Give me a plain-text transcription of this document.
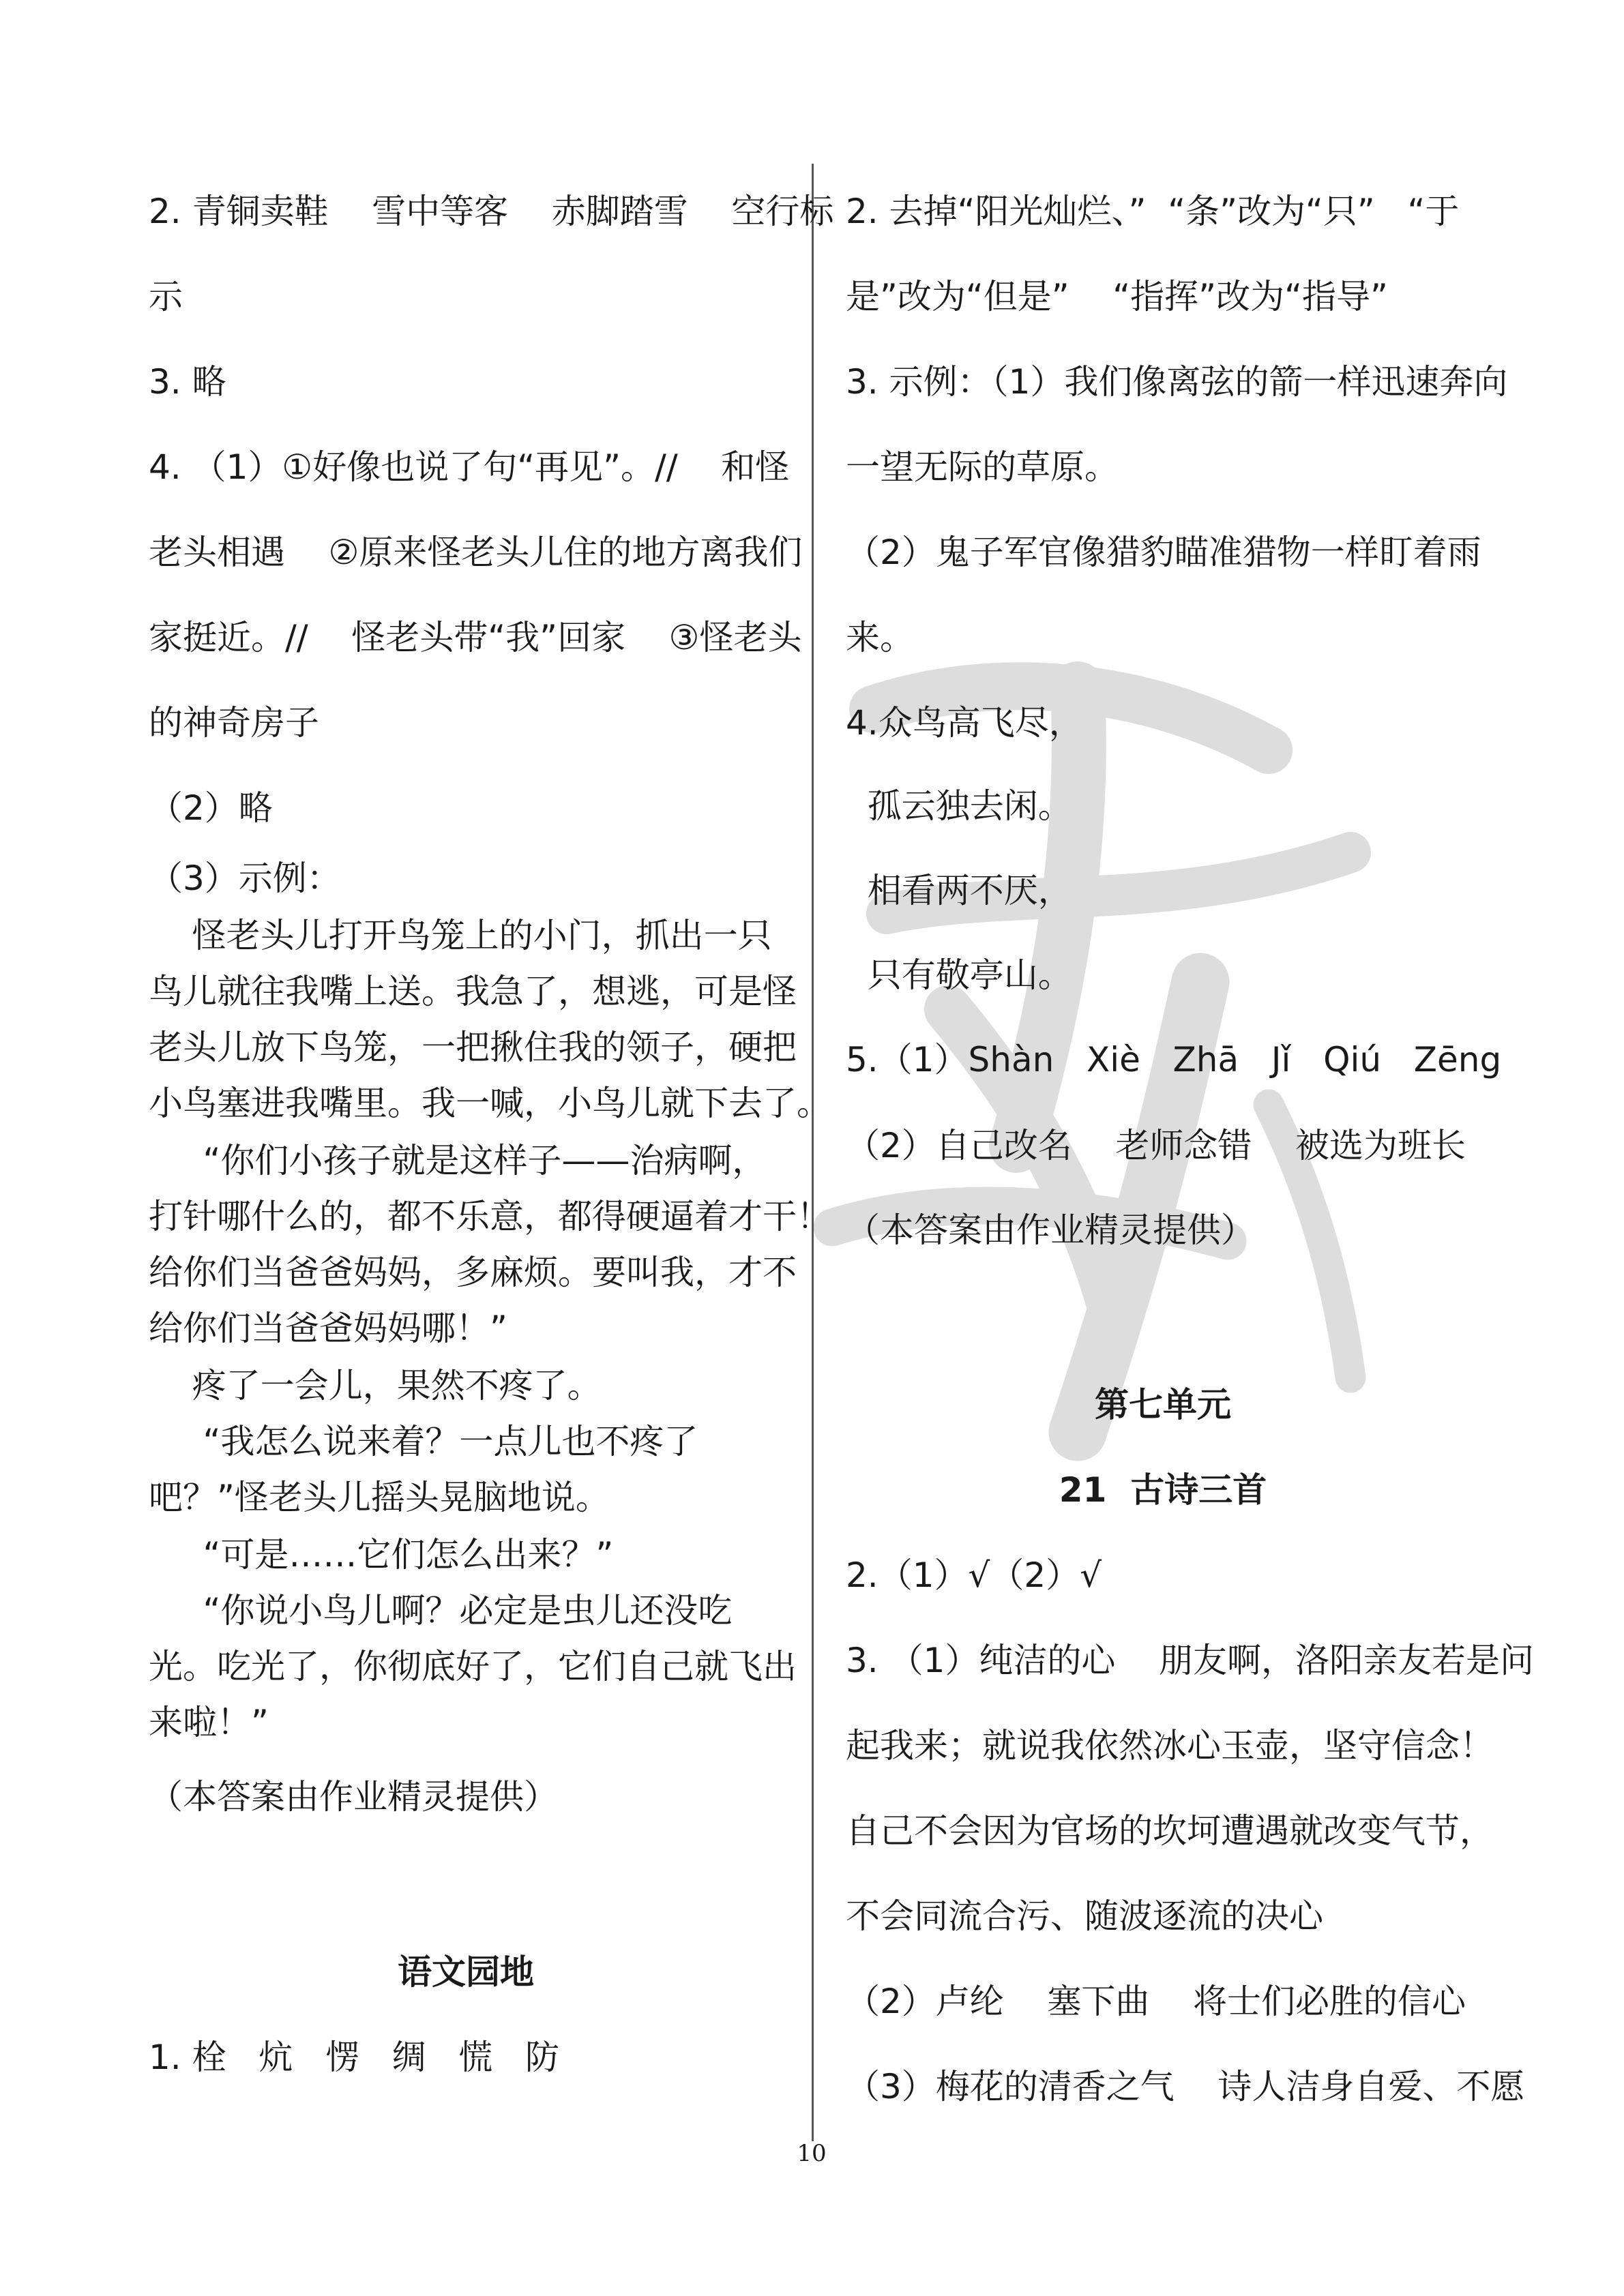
2. 青铜卖鞋    雪中等客    赤脚踏雪    空行标
示
3. 略
4. （1）①好像也说了句“再见”。//    和怪
老头相遇    ②原来怪老头儿住的地方离我们
家挺近。//    怪老头带“我”回家    ③怪老头
的神奇房子
（2）略
（3）示例：
怪老头儿打开鸟笼上的小门，抓出一只
鸟儿就往我嘴上送。我急了，想逃，可是怪
老头儿放下鸟笼，一把揪住我的领子，硬把
小鸟塞进我嘴里。我一喊，小鸟儿就下去了。
“你们小孩子就是这样子——治病啊，
打针哪什么的，都不乐意，都得硬逼着才干！
给你们当爸爸妈妈，多麻烦。要叫我，才不
给你们当爸爸妈妈哪！”
疼了一会儿，果然不疼了。
“我怎么说来着？一点儿也不疼了
吧？”怪老头儿摇头晃脑地说。
“可是……它们怎么出来？”
“你说小鸟儿啊？必定是虫儿还没吃
光。吃光了，你彻底好了，它们自己就飞出
来啦！”
（本答案由作业精灵提供）
语文园地
1. 栓   炕   愣   绸   慌   防
2. 去掉“阳光灿烂、”  “条”改为“只”   “于
是”改为“但是”    “指挥”改为“指导”
3. 示例：（1）我们像离弦的箭一样迅速奔向
一望无际的草原。
（2）鬼子军官像猎豹瞄准猎物一样盯着雨
来。
4.众鸟高飞尽，
孤云独去闲。
相看两不厌，
只有敬亭山。
5.（1）Shàn   Xiè   Zhā   Jǐ   Qiú   Zēng
（2）自己改名    老师念错    被选为班长
（本答案由作业精灵提供）
第七单元
21  古诗三首
2.（1）√（2）√
3. （1）纯洁的心    朋友啊，洛阳亲友若是问
起我来；就说我依然冰心玉壶，坚守信念！
自己不会因为官场的坎坷遭遇就改变气节，
不会同流合污、随波逐流的决心
（2）卢纶    塞下曲    将士们必胜的信心
（3）梅花的清香之气    诗人洁身自爱、不愿
10
